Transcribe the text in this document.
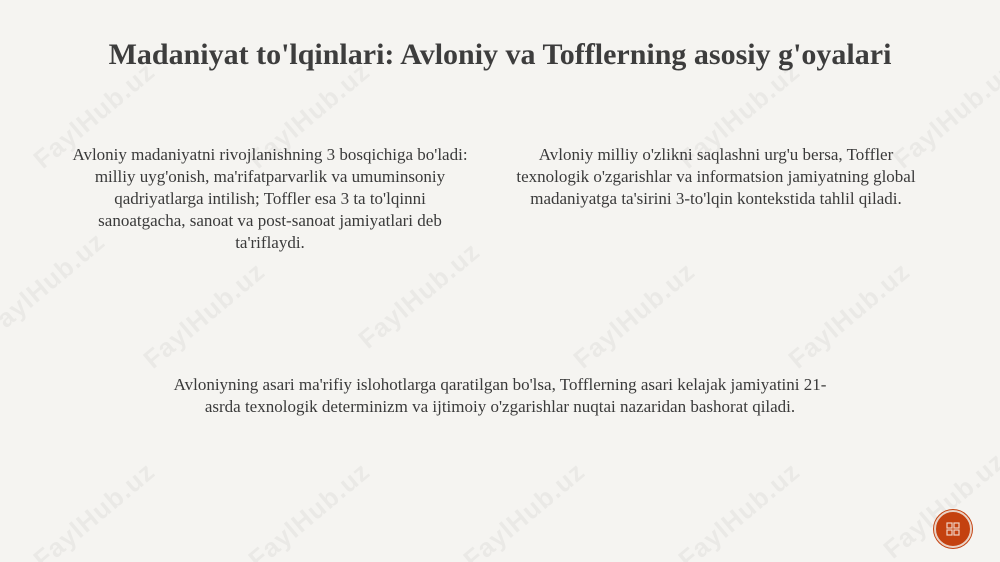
Madaniyat to'lqinlari: Avloniy va Tofflerning asosiy g'oyalari
Avloniy madaniyatni rivojlanishning 3 bosqichiga bo'ladi: milliy uyg'onish, ma'rifatparvarlik va umuminsoniy qadriyatlarga intilish; Toffler esa 3 ta to'lqinni sanoatgacha, sanoat va post-sanoat jamiyatlari deb ta'riflaydi.
Avloniy milliy o'zlikni saqlashni urg'u bersa, Toffler texnologik o'zgarishlar va informatsion jamiyatning global madaniyatga ta'sirini 3-to'lqin kontekstida tahlil qiladi.
Avloniyning asari ma'rifiy islohotlarga qaratilgan bo'lsa, Tofflerning asari kelajak jamiyatini 21-asrda texnologik determinizm va ijtimoiy o'zgarishlar nuqtai nazaridan bashorat qiladi.
